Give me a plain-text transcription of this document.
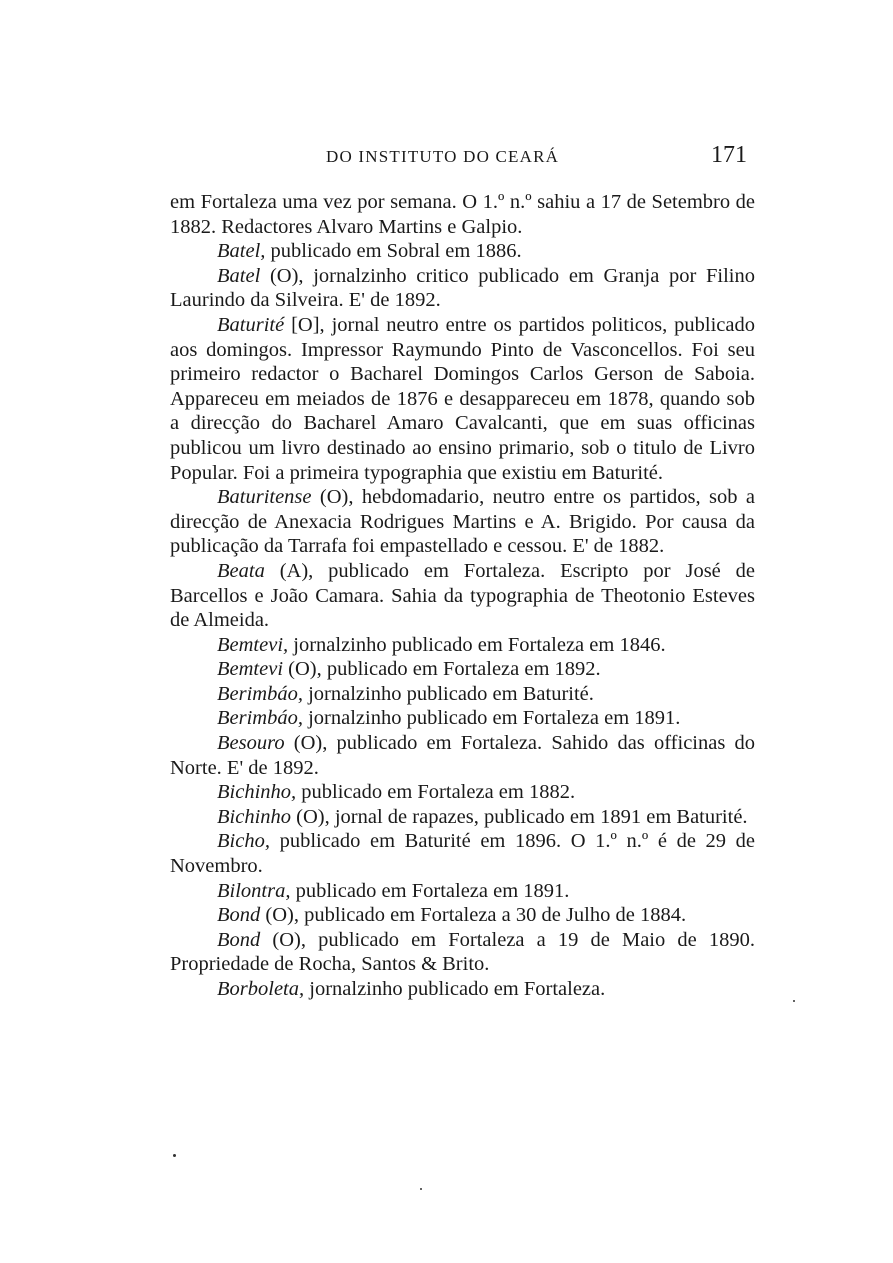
DO INSTITUTO DO CEARÁ	171

em Fortaleza uma vez por semana. O 1.º n.º sahiu a 17 de Setembro de 1882. Redactores Alvaro Martins e Galpio.

Batel, publicado em Sobral em 1886.

Batel (O), jornalzinho critico publicado em Granja por Filino Laurindo da Silveira. E' de 1892.

Baturité [O], jornal neutro entre os partidos politicos, publicado aos domingos. Impressor Raymundo Pinto de Vasconcellos. Foi seu primeiro redactor o Bacharel Domingos Carlos Gerson de Saboia. Appareceu em meiados de 1876 e desappareceu em 1878, quando sob a direcção do Bacharel Amaro Cavalcanti, que em suas officinas publicou um livro destinado ao ensino primario, sob o titulo de Livro Popular. Foi a primeira typographia que existiu em Baturité.

Baturitense (O), hebdomadario, neutro entre os partidos, sob a direcção de Anexacia Rodrigues Martins e A. Brigido. Por causa da publicação da Tarrafa foi empastellado e cessou. E' de 1882.

Beata (A), publicado em Fortaleza. Escripto por José de Barcellos e João Camara. Sahia da typographia de Theotonio Esteves de Almeida.

Bemtevi, jornalzinho publicado em Fortaleza em 1846.

Bemtevi (O), publicado em Fortaleza em 1892.

Berimbáo, jornalzinho publicado em Baturité.

Berimbáo, jornalzinho publicado em Fortaleza em 1891.

Besouro (O), publicado em Fortaleza. Sahido das officinas do Norte. E' de 1892.

Bichinho, publicado em Fortaleza em 1882.

Bichinho (O), jornal de rapazes, publicado em 1891 em Baturité.

Bicho, publicado em Baturité em 1896. O 1.º n.º é de 29 de Novembro.

Bilontra, publicado em Fortaleza em 1891.

Bond (O), publicado em Fortaleza a 30 de Julho de 1884.

Bond (O), publicado em Fortaleza a 19 de Maio de 1890. Propriedade de Rocha, Santos & Brito.

Borboleta, jornalzinho publicado em Fortaleza.
